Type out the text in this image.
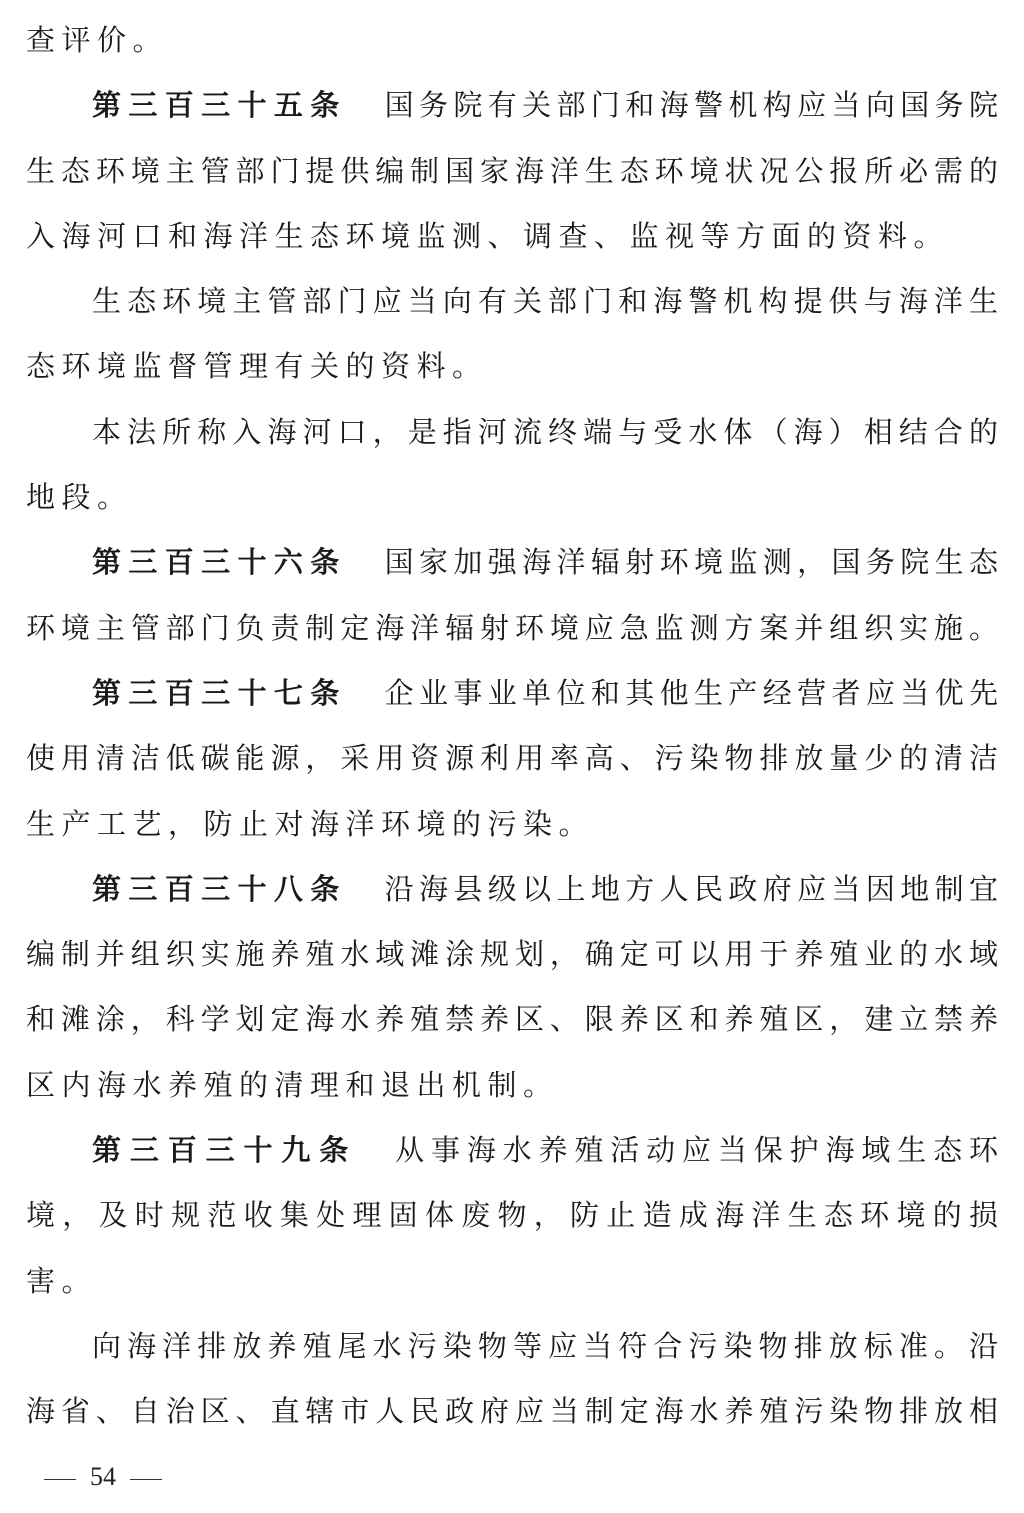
查评价。
第三百三十五条 国务院有关部门和海警机构应当向国务院
生态环境主管部门提供编制国家海洋生态环境状况公报所必需的
入海河口和海洋生态环境监测、调查、监视等方面的资料。
生态环境主管部门应当向有关部门和海警机构提供与海洋生
态环境监督管理有关的资料。
本法所称入海河口，是指河流终端与受水体（海）相结合的
地段。
第三百三十六条 国家加强海洋辐射环境监测，国务院生态
环境主管部门负责制定海洋辐射环境应急监测方案并组织实施。
第三百三十七条 企业事业单位和其他生产经营者应当优先
使用清洁低碳能源，采用资源利用率高、污染物排放量少的清洁
生产工艺，防止对海洋环境的污染。
第三百三十八条 沿海县级以上地方人民政府应当因地制宜
编制并组织实施养殖水域滩涂规划，确定可以用于养殖业的水域
和滩涂，科学划定海水养殖禁养区、限养区和养殖区，建立禁养
区内海水养殖的清理和退出机制。
第三百三十九条 从事海水养殖活动应当保护海域生态环
境，及时规范收集处理固体废物，防止造成海洋生态环境的损
害。
向海洋排放养殖尾水污染物等应当符合污染物排放标准。沿
海省、自治区、直辖市人民政府应当制定海水养殖污染物排放相
54
